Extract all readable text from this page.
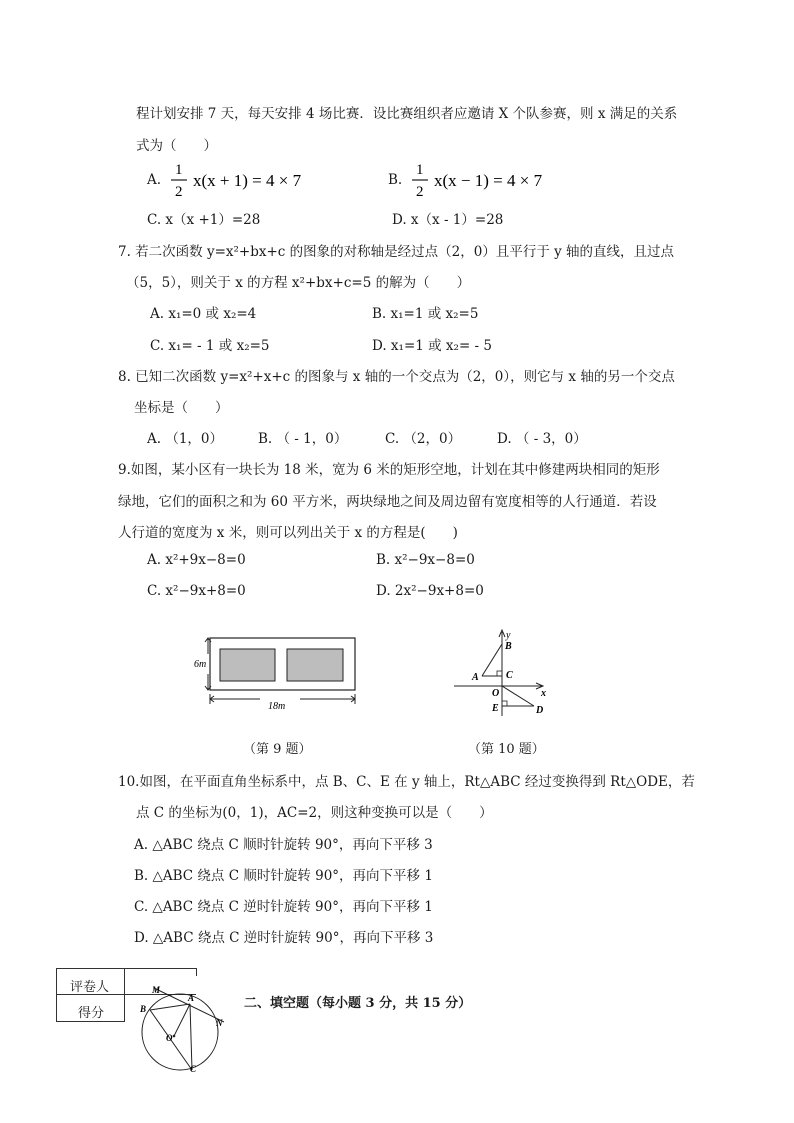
程计划安排 7 天，每天安排 4 场比赛．设比赛组织者应邀请 X 个队参赛，则 x 满足的关系
式为（　　）
A.
1
2
x(x + 1) = 4 × 7	B.
1
2
x(x − 1) = 4 × 7
C. x（x +1）=28	D. x（x - 1）=28
7. 若二次函数 y=x²+bx+c 的图象的对称轴是经过点（2，0）且平行于 y 轴的直线，且过点
（5，5），则关于 x 的方程 x²+bx+c=5 的解为（　　）
A. x₁=0 或 x₂=4	B. x₁=1 或 x₂=5
C. x₁= - 1 或 x₂=5	D. x₁=1 或 x₂= - 5
8. 已知二次函数 y=x²+x+c 的图象与 x 轴的一个交点为（2，0），则它与 x 轴的另一个交点
坐标是（　　）
A. （1，0）	B. （ - 1，0）	C. （2，0）	D. （ - 3，0）
9.如图，某小区有一块长为 18 米，宽为 6 米的矩形空地，计划在其中修建两块相同的矩形
绿地，它们的面积之和为 60 平方米，两块绿地之间及周边留有宽度相等的人行通道．若设
人行道的宽度为 x 米，则可以列出关于 x 的方程是(　　)
A. x²+9x−8=0	B. x²−9x−8=0
C. x²−9x+8=0	D. 2x²−9x+8=0
6m
18m
（第 9 题）
y
x
B
C
A
O
E	D
（第 10 题）
10.如图，在平面直角坐标系中，点 B、C、E 在 y 轴上，Rt△ABC 经过变换得到 Rt△ODE，若
点 C 的坐标为(0，1)，AC=2，则这种变换可以是（　　）
A. △ABC 绕点 C 顺时针旋转 90°，再向下平移 3
B. △ABC 绕点 C 顺时针旋转 90°，再向下平移 1
C. △ABC 绕点 C 逆时针旋转 90°，再向下平移 1
D. △ABC 绕点 C 逆时针旋转 90°，再向下平移 3
评卷人
得分
二、填空题（每小题 3 分，共 15 分）
M
A
B
N
O
C
